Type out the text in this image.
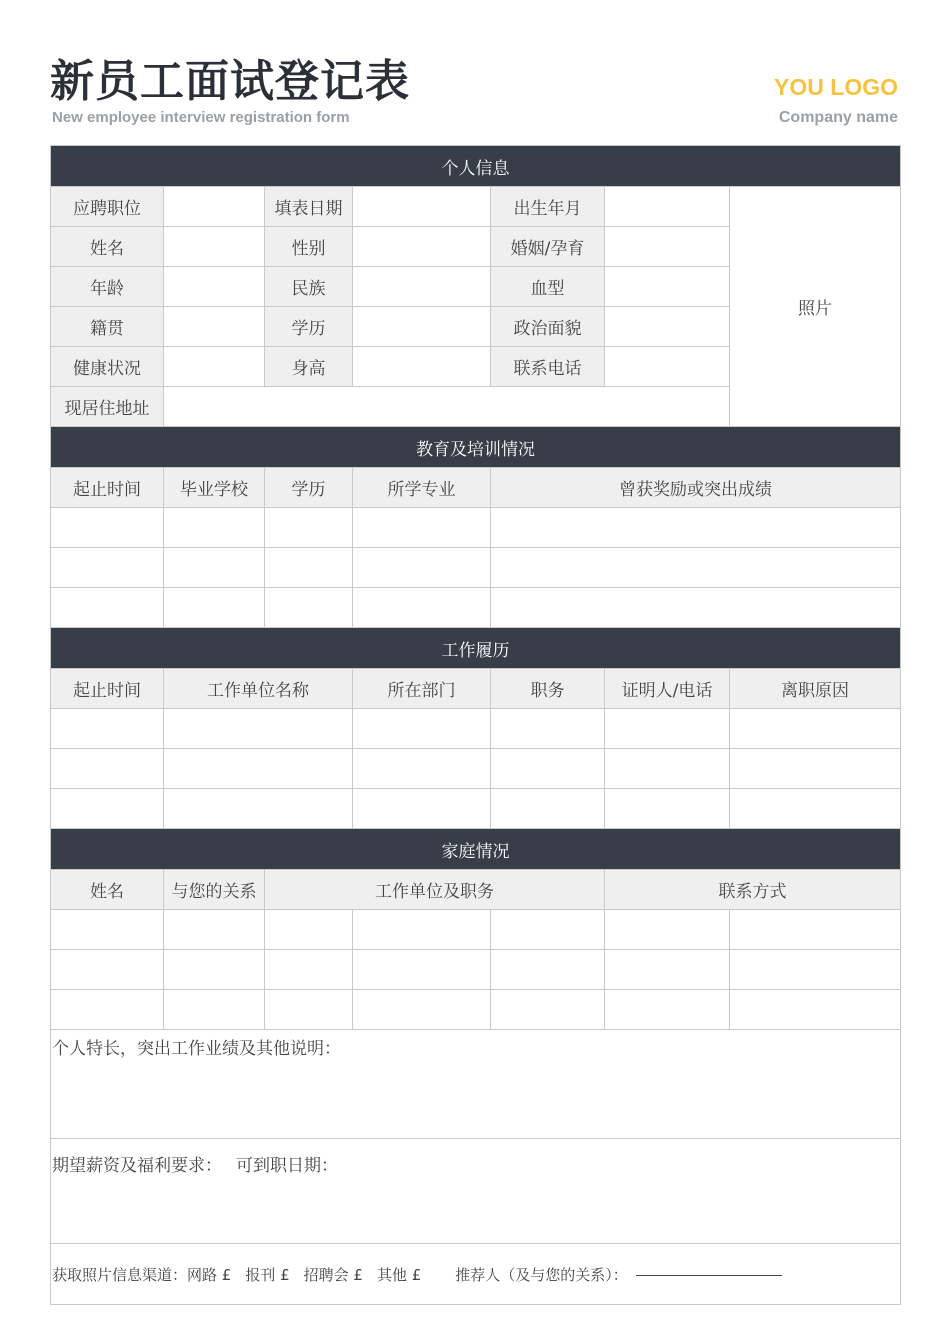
新员工面试登记表
New employee interview registration form
YOU LOGO
Company name
个人信息						
应聘职位		填表日期		出生年月		照片
姓名		性别		婚姻/孕育		
年龄		民族		血型		
籍贯		学历		政治面貌		
健康状况		身高		联系电话		
现居住地址						
教育及培训情况						
起止时间	毕业学校	学历	所学专业	曾获奖励或突出成绩		

工作履历						
起止时间	工作单位名称		所在部门	职务	证明人/电话	离职原因

家庭情况						
姓名	与您的关系	工作单位及职务			联系方式	

个人特长，突出工作业绩及其他说明：						
期望薪资及福利要求： 可到职日期：						
获取照片信息渠道：网路 £ 报刊 £ 招聘会 £ 其他 £ 推荐人（及与您的关系）：						
